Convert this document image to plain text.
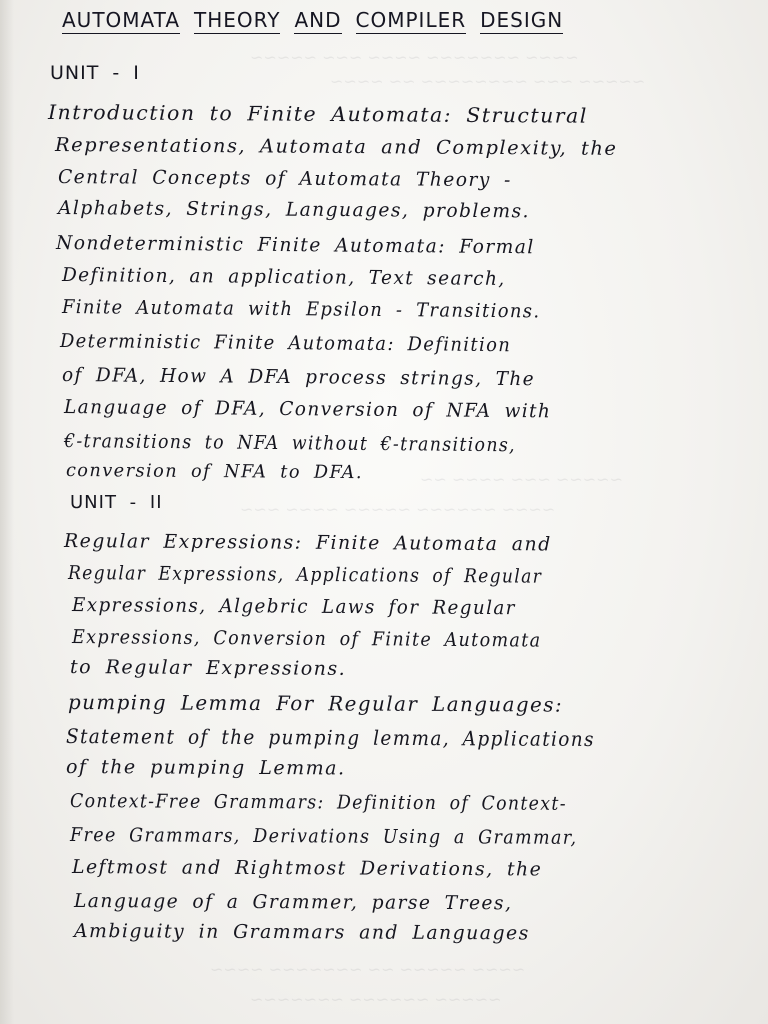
~~~~ ~~~~~~~ ~~~~ ~~~ ~~~~~
~~~~~ ~~~ ~~~~~~~~ ~~ ~~~~
~~~~~ ~~~ ~~~~ ~~
~~~~ ~~~~~~ ~~~~~ ~~~~ ~~~
~~~~ ~~~~~ ~~ ~~~~~~~ ~~~~
~~~~~ ~~~~~~ ~~~~~~~
AUTOMATA THEORY AND COMPILER DESIGN
UNIT - I
Introduction to Finite Automata: Structural
Representations, Automata and Complexity, the
Central Concepts of Automata Theory -
Alphabets, Strings, Languages, problems.
Nondeterministic Finite Automata: Formal
Definition, an application, Text search,
Finite Automata with Epsilon - Transitions.
Deterministic Finite Automata: Definition
of DFA, How A DFA process strings, The
Language of DFA, Conversion of NFA with
€-transitions to NFA without €-transitions,
conversion of NFA to DFA.
UNIT - II
Regular Expressions: Finite Automata and
Regular Expressions, Applications of Regular
Expressions, Algebric Laws for Regular
Expressions, Conversion of Finite Automata
to Regular Expressions.
pumping Lemma For Regular Languages:
Statement of the pumping lemma, Applications
of the pumping Lemma.
Context-Free Grammars: Definition of Context-
Free Grammars, Derivations Using a Grammar,
Leftmost and Rightmost Derivations, the
Language of a Grammer, parse Trees,
Ambiguity in Grammars and Languages
